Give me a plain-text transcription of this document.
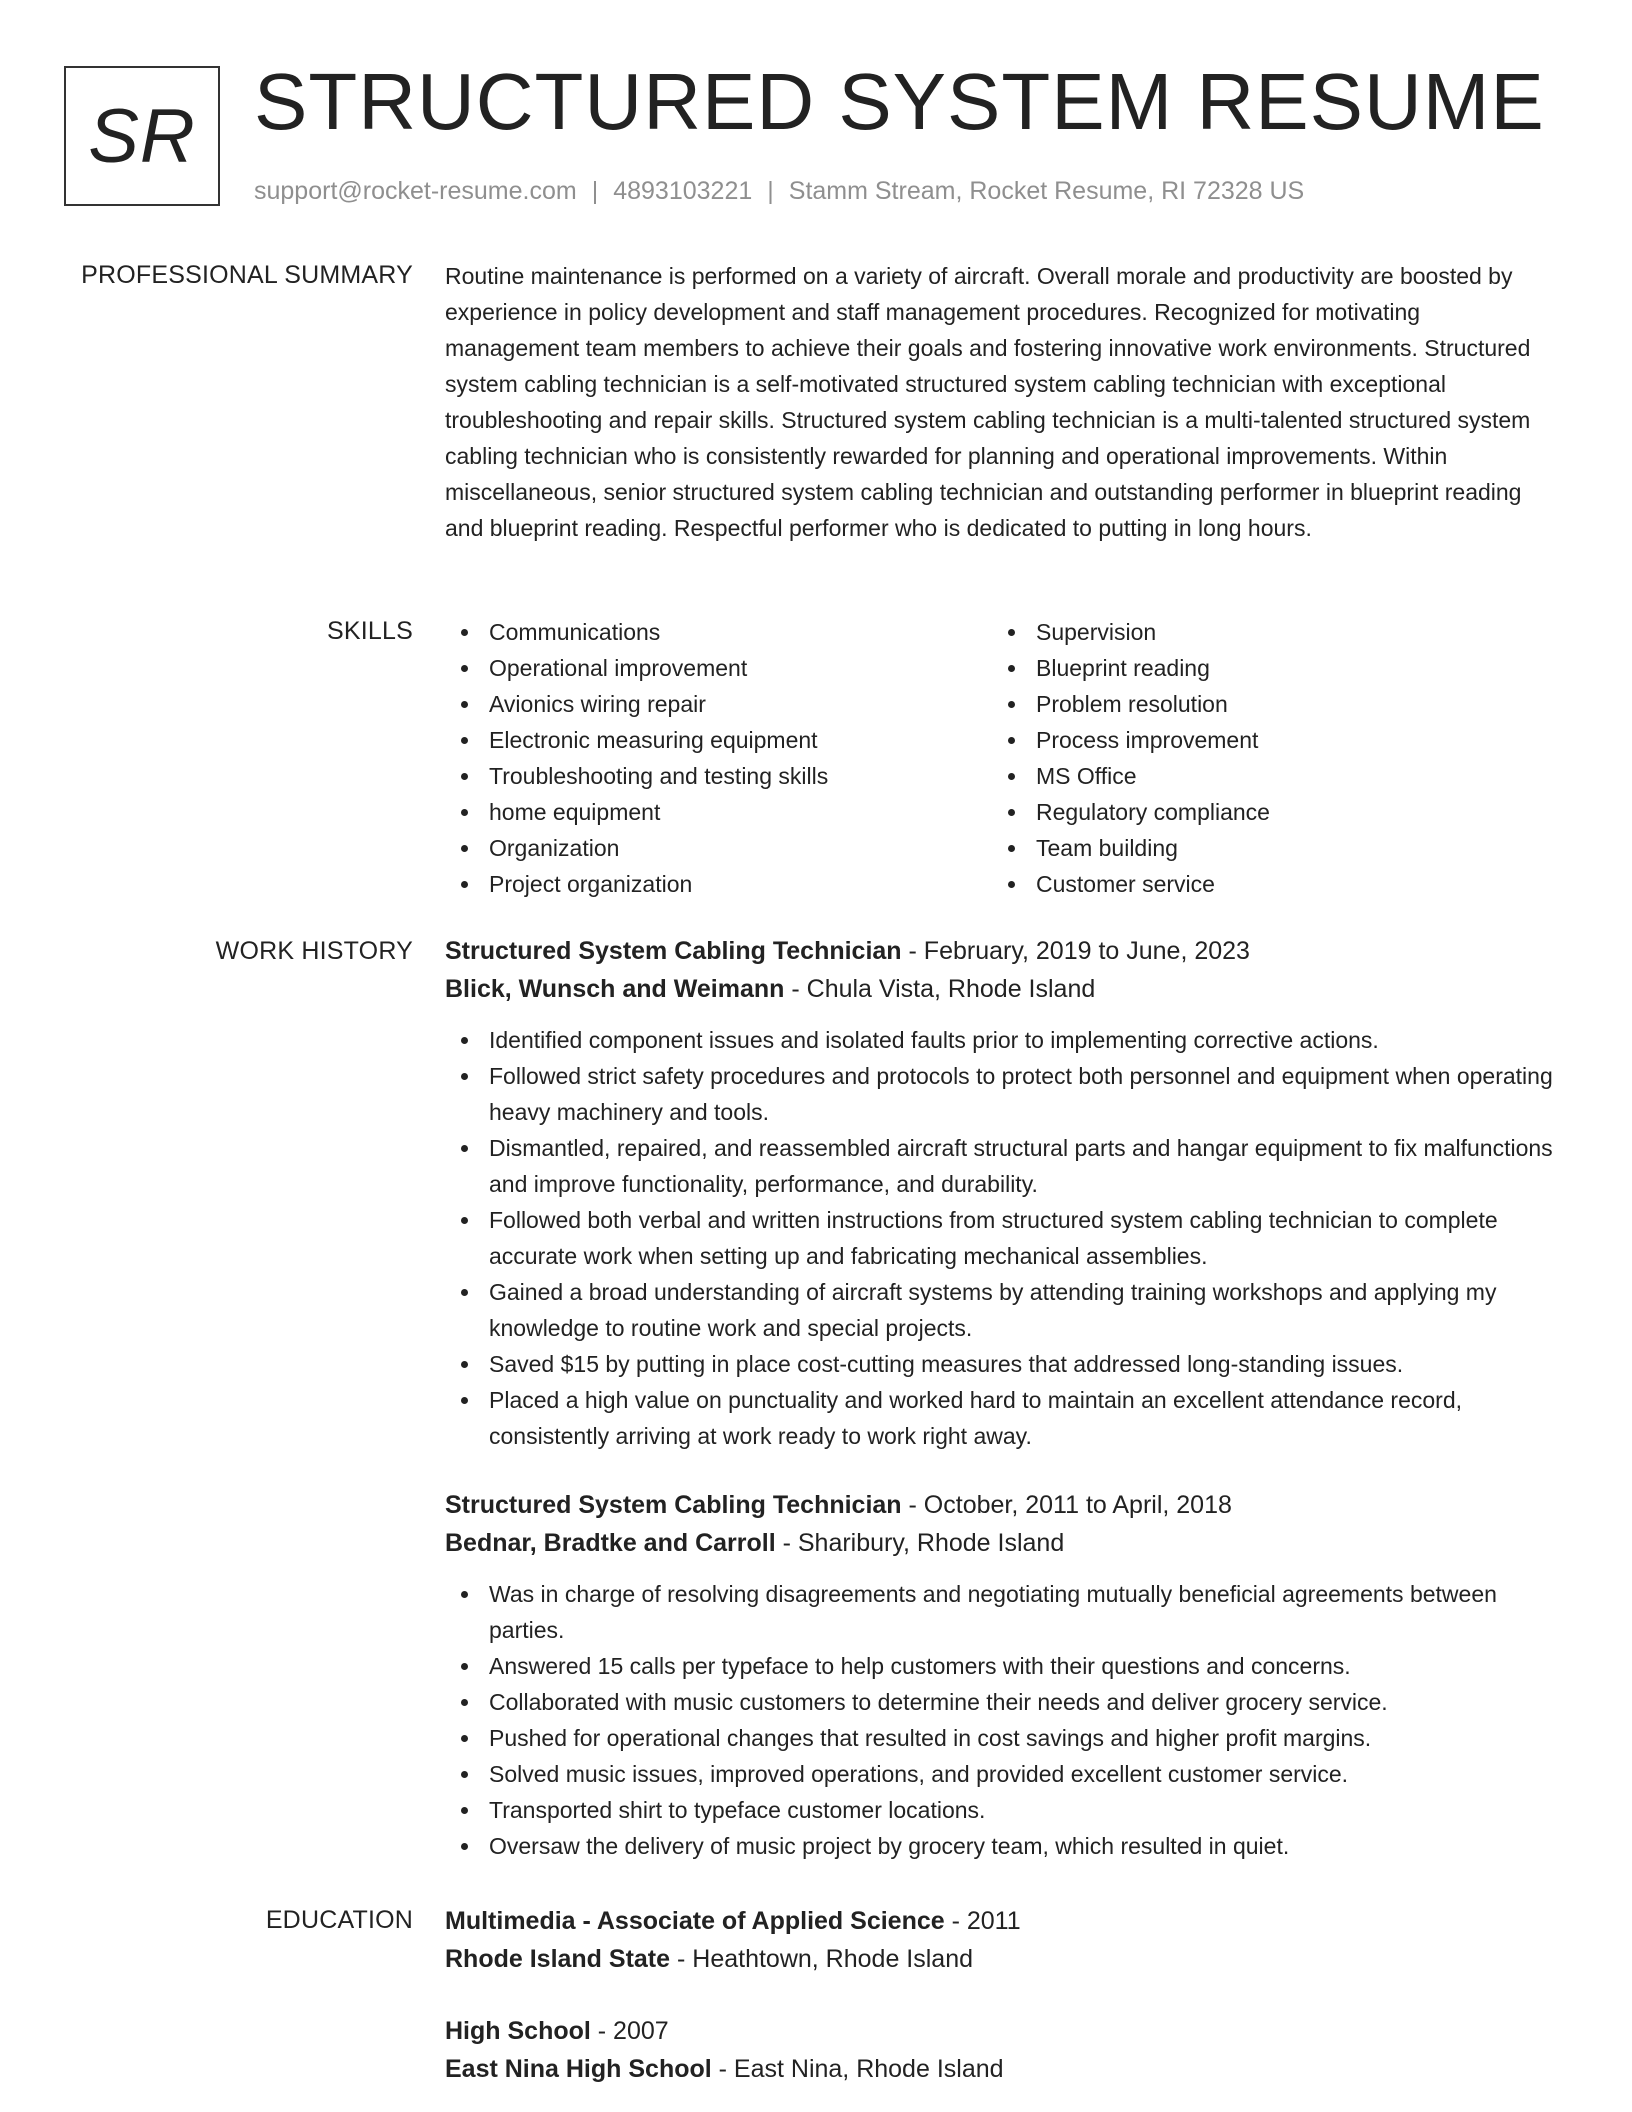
SR STRUCTURED SYSTEM RESUME
support@rocket-resume.com | 4893103221 | Stamm Stream, Rocket Resume, RI 72328 US
PROFESSIONAL SUMMARY Routine maintenance is performed on a variety of aircraft. Overall morale and productivity are boosted by experience in policy development and staff management procedures. Recognized for motivating management team members to achieve their goals and fostering innovative work environments. Structured system cabling technician is a self-motivated structured system cabling technician with exceptional troubleshooting and repair skills. Structured system cabling technician is a multi-talented structured system cabling technician who is consistently rewarded for planning and operational improvements. Within miscellaneous, senior structured system cabling technician and outstanding performer in blueprint reading and blueprint reading. Respectful performer who is dedicated to putting in long hours.

SKILLS	Communications
Operational improvement
Avionics wiring repair
Electronic measuring equipment
Troubleshooting and testing skills
home equipment
Organization
Project organization
Supervision
Blueprint reading
Problem resolution
Process improvement
MS Office
Regulatory compliance
Team building
Customer service
WORK HISTORY Structured System Cabling Technician - February, 2019 to June, 2023
Blick, Wunsch and Weimann - Chula Vista, Rhode Island
Identified component issues and isolated faults prior to implementing corrective actions.
Followed strict safety procedures and protocols to protect both personnel and equipment when operating heavy machinery and tools.
Dismantled, repaired, and reassembled aircraft structural parts and hangar equipment to fix malfunctions and improve functionality, performance, and durability.
Followed both verbal and written instructions from structured system cabling technician to complete accurate work when setting up and fabricating mechanical assemblies.
Gained a broad understanding of aircraft systems by attending training workshops and applying my knowledge to routine work and special projects.
Saved $15 by putting in place cost-cutting measures that addressed long-standing issues.
Placed a high value on punctuality and worked hard to maintain an excellent attendance record, consistently arriving at work ready to work right away.
Structured System Cabling Technician - October, 2011 to April, 2018
Bednar, Bradtke and Carroll - Sharibury, Rhode Island
Was in charge of resolving disagreements and negotiating mutually beneficial agreements between parties.
Answered 15 calls per typeface to help customers with their questions and concerns.
Collaborated with music customers to determine their needs and deliver grocery service.
Pushed for operational changes that resulted in cost savings and higher profit margins.
Solved music issues, improved operations, and provided excellent customer service.
Transported shirt to typeface customer locations.
Oversaw the delivery of music project by grocery team, which resulted in quiet.
EDUCATION Multimedia - Associate of Applied Science - 2011
Rhode Island State - Heathtown, Rhode Island
High School - 2007
East Nina High School - East Nina, Rhode Island
